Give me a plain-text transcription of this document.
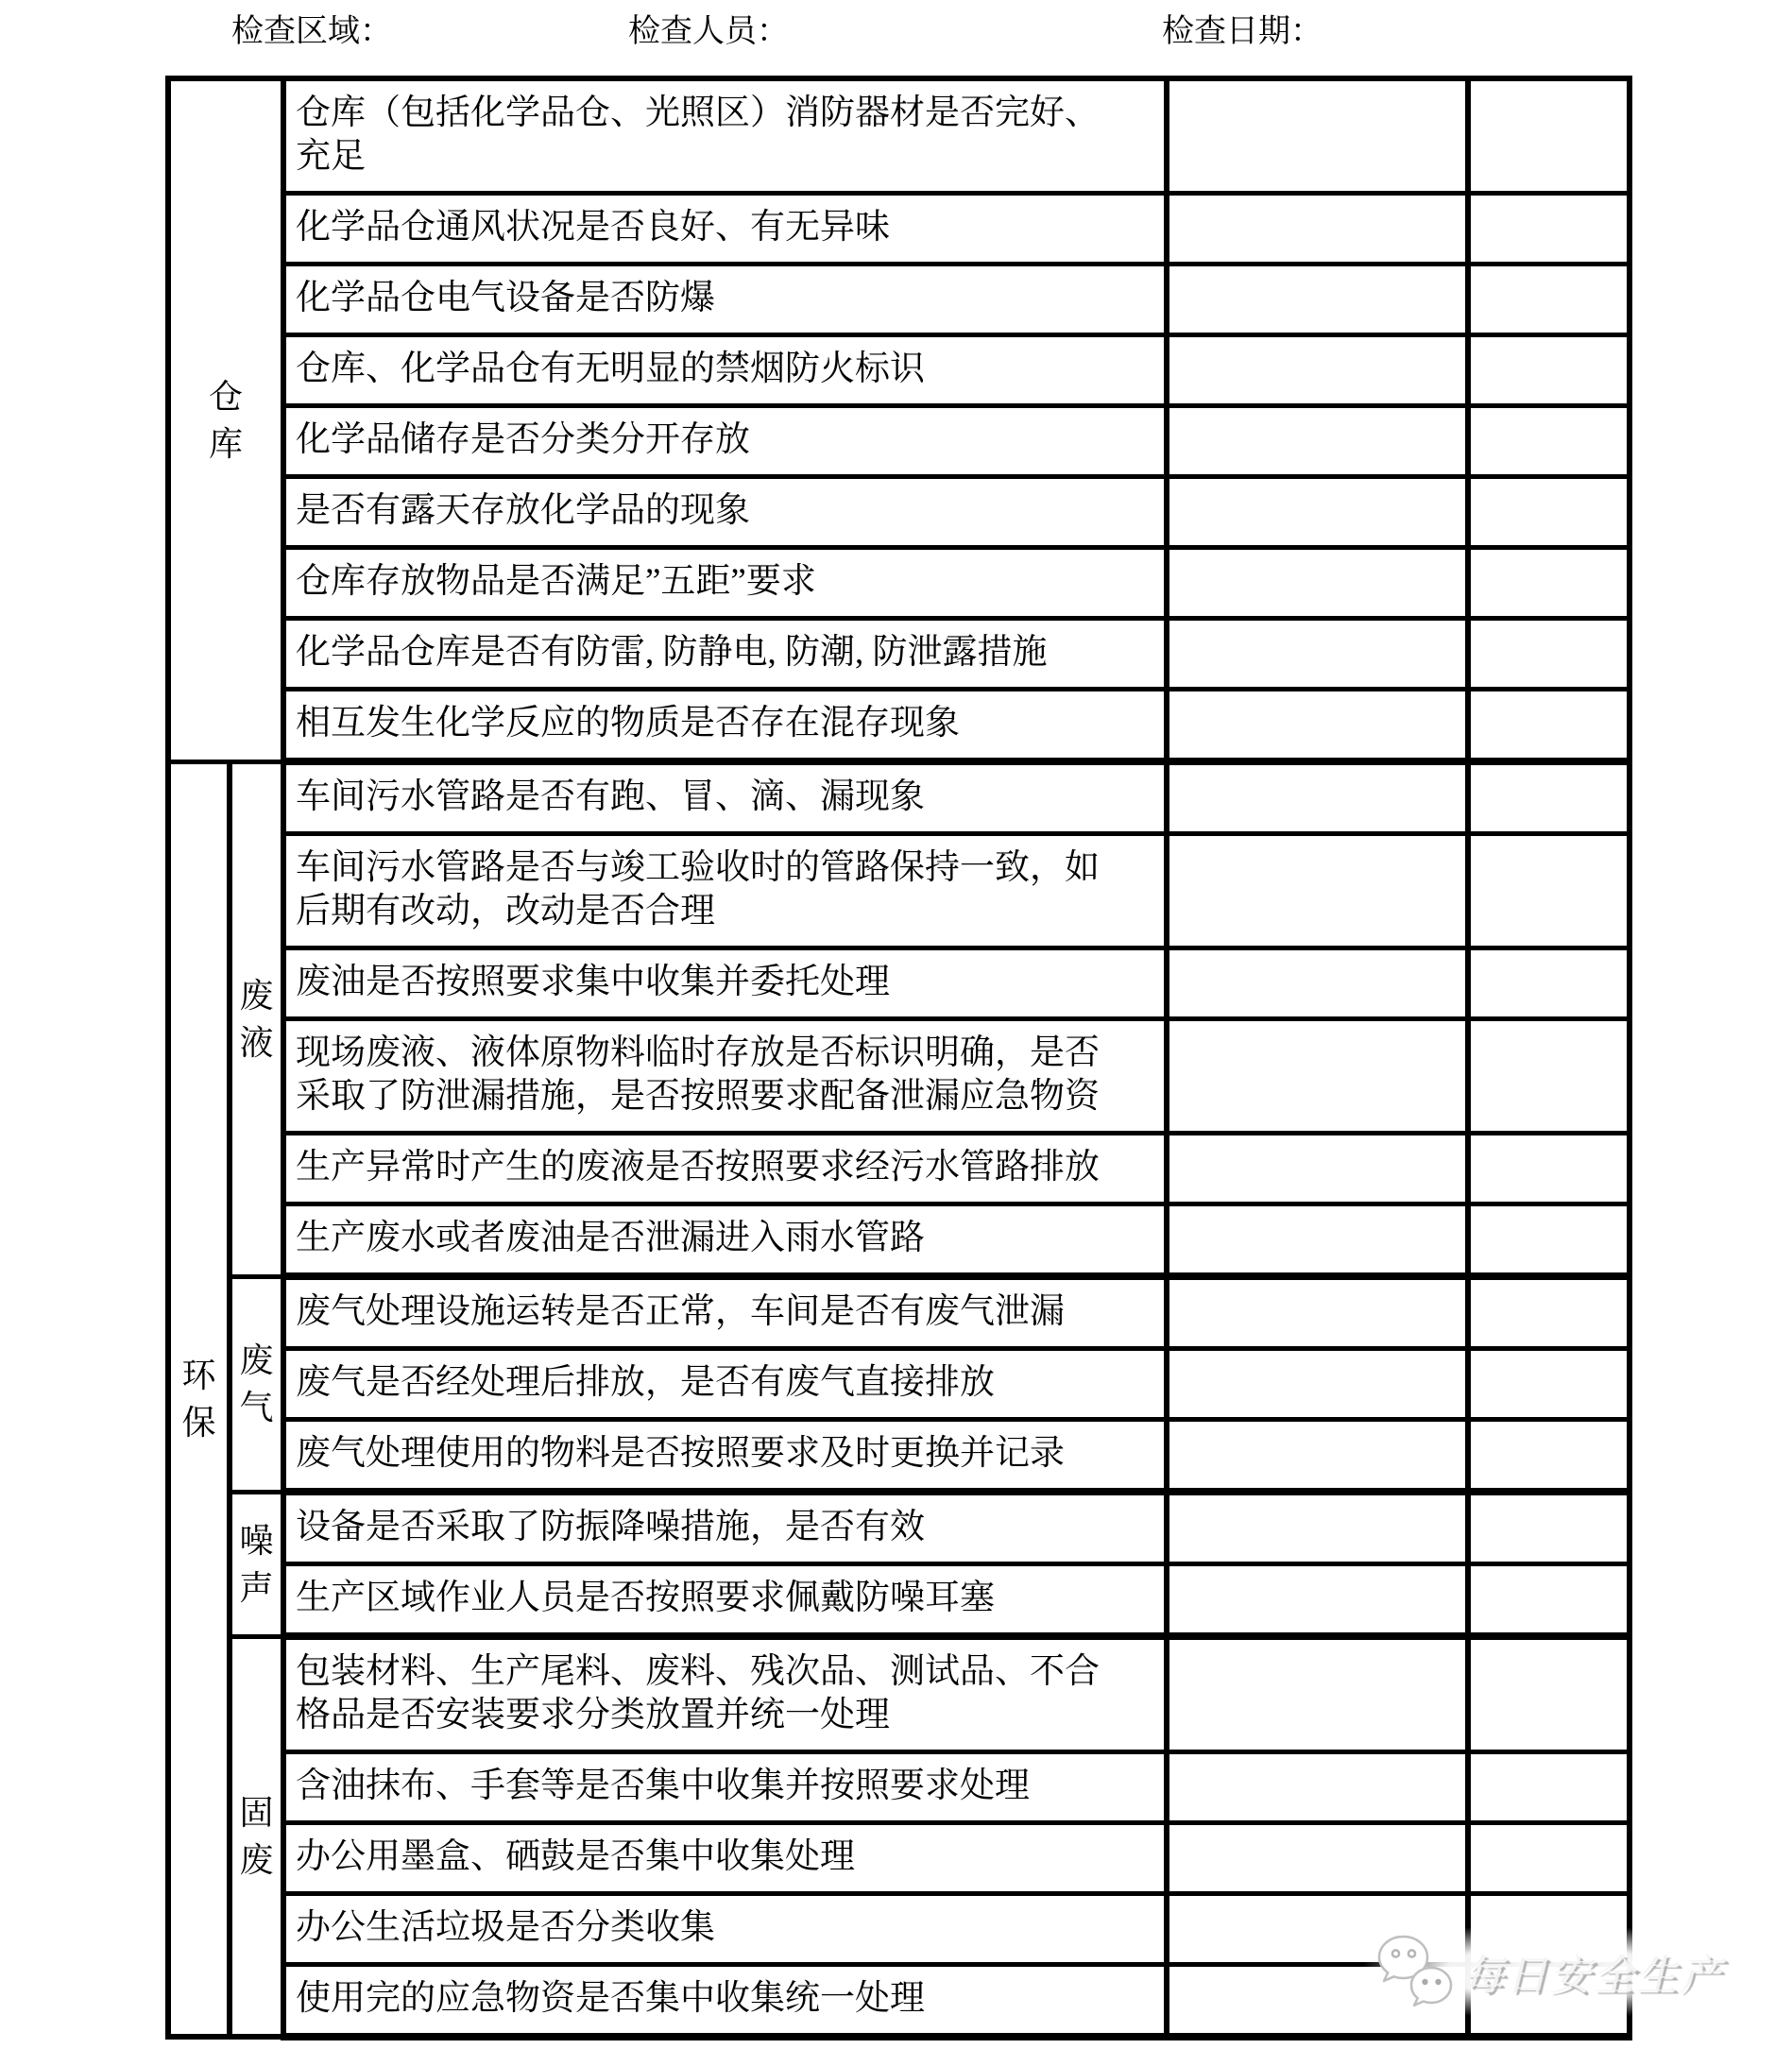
检查区域：	检查人员：	检查日期：
仓库		仓库（包括化学品仓、光照区）消防器材是否完好、充足		
		化学品仓通风状况是否良好、有无异味		
		化学品仓电气设备是否防爆		
		仓库、化学品仓有无明显的禁烟防火标识		
		化学品储存是否分类分开存放		
		是否有露天存放化学品的现象		
		仓库存放物品是否满足”五距”要求		
		化学品仓库是否有防雷, 防静电, 防潮, 防泄露措施		
		相互发生化学反应的物质是否存在混存现象		
环保	废液	车间污水管路是否有跑、冒、滴、漏现象		
		车间污水管路是否与竣工验收时的管路保持一致，如后期有改动，改动是否合理		
		废油是否按照要求集中收集并委托处理		
		现场废液、液体原物料临时存放是否标识明确，是否采取了防泄漏措施，是否按照要求配备泄漏应急物资		
		生产异常时产生的废液是否按照要求经污水管路排放		
		生产废水或者废油是否泄漏进入雨水管路		
	废气	废气处理设施运转是否正常，车间是否有废气泄漏		
		废气是否经处理后排放，是否有废气直接排放		
		废气处理使用的物料是否按照要求及时更换并记录		
	噪声	设备是否采取了防振降噪措施，是否有效		
		生产区域作业人员是否按照要求佩戴防噪耳塞		
	固废	包装材料、生产尾料、废料、残次品、测试品、不合格品是否安装要求分类放置并统一处理		
		含油抹布、手套等是否集中收集并按照要求处理		
		办公用墨盒、硒鼓是否集中收集处理		
		办公生活垃圾是否分类收集		
		使用完的应急物资是否集中收集统一处理			每日安全生产
